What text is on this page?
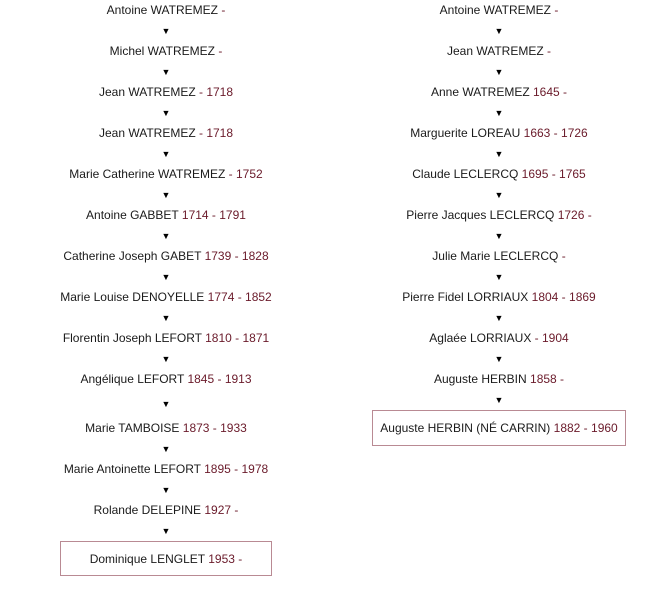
Antoine WATREMEZ -
▼
Michel WATREMEZ -
▼
Jean WATREMEZ - 1718
▼
Jean WATREMEZ - 1718
▼
Marie Catherine WATREMEZ - 1752
▼
Antoine GABBET 1714 - 1791
▼
Catherine Joseph GABET 1739 - 1828
▼
Marie Louise DENOYELLE 1774 - 1852
▼
Florentin Joseph LEFORT 1810 - 1871
▼
Angélique LEFORT 1845 - 1913
▼
Marie TAMBOISE 1873 - 1933
▼
Marie Antoinette LEFORT 1895 - 1978
▼
Rolande DELEPINE 1927 -
▼
Dominique LENGLET 1953 -
Antoine WATREMEZ -
▼
Jean WATREMEZ -
▼
Anne WATREMEZ 1645 -
▼
Marguerite LOREAU 1663 - 1726
▼
Claude LECLERCQ 1695 - 1765
▼
Pierre Jacques LECLERCQ 1726 -
▼
Julie Marie LECLERCQ -
▼
Pierre Fidel LORRIAUX 1804 - 1869
▼
Aglaée LORRIAUX - 1904
▼
Auguste HERBIN 1858 -
▼
Auguste HERBIN (NÉ CARRIN) 1882 - 1960
